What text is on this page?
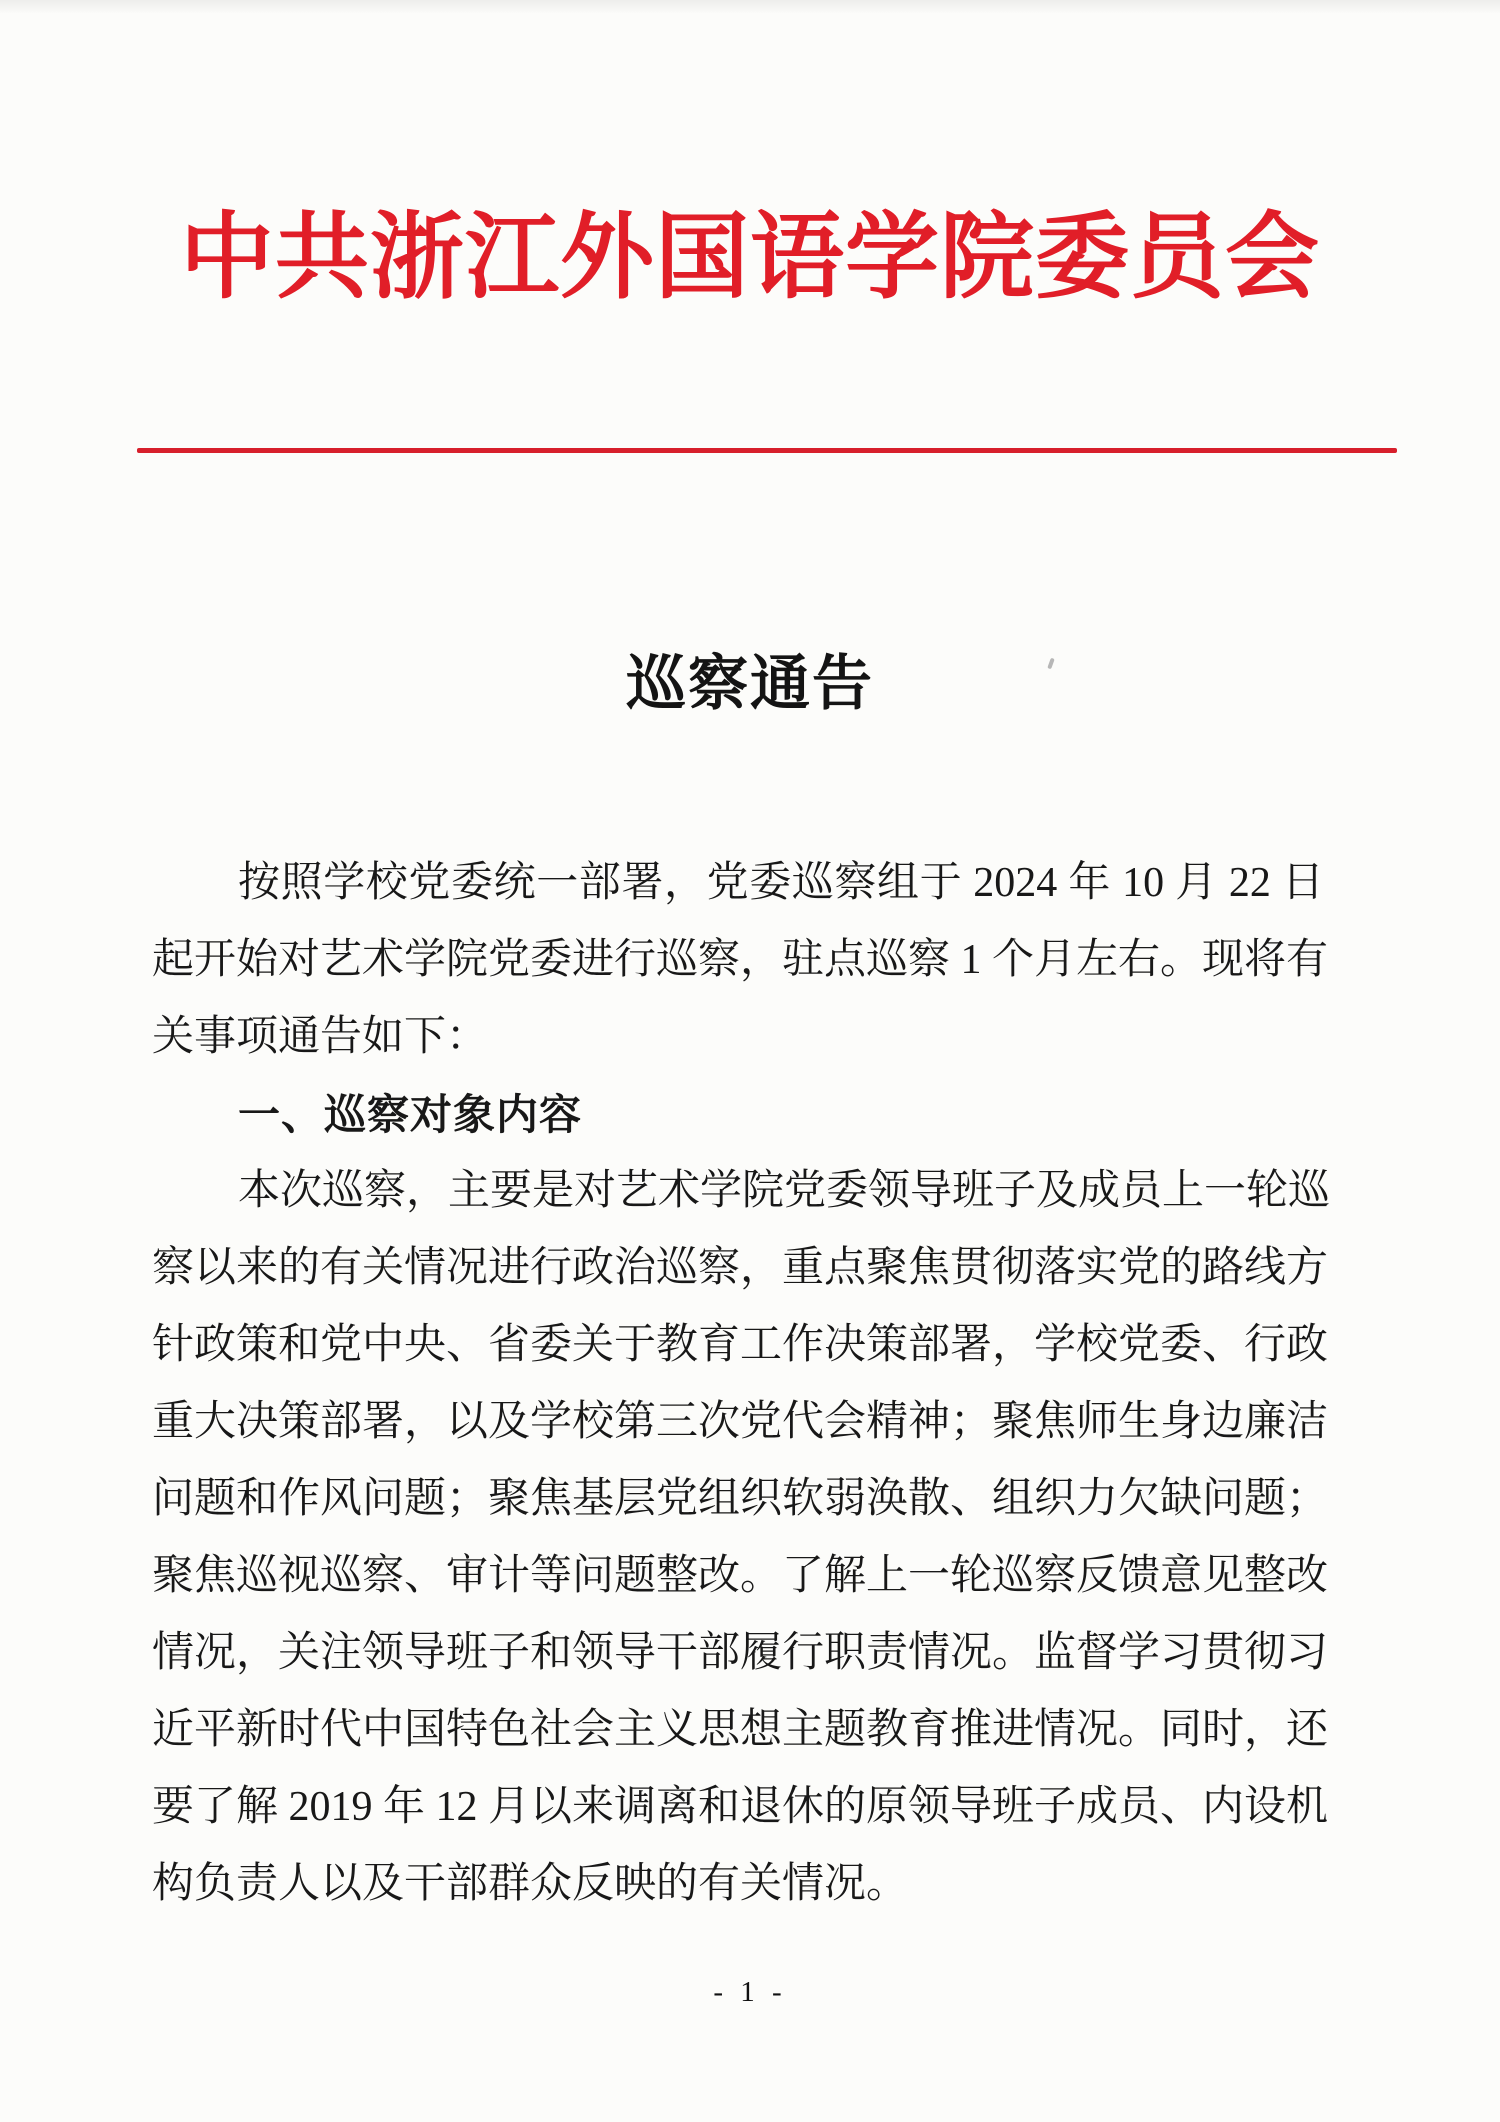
中共浙江外国语学院委员会
巡察通告
按照学校党委统一部署，党委巡察组于 2024 年 10 月 22 日
起开始对艺术学院党委进行巡察，驻点巡察 1 个月左右。现将有
关事项通告如下：
一、巡察对象内容
本次巡察，主要是对艺术学院党委领导班子及成员上一轮巡
察以来的有关情况进行政治巡察，重点聚焦贯彻落实党的路线方
针政策和党中央、省委关于教育工作决策部署，学校党委、行政
重大决策部署，以及学校第三次党代会精神；聚焦师生身边廉洁
问题和作风问题；聚焦基层党组织软弱涣散、组织力欠缺问题；
聚焦巡视巡察、审计等问题整改。了解上一轮巡察反馈意见整改
情况，关注领导班子和领导干部履行职责情况。监督学习贯彻习
近平新时代中国特色社会主义思想主题教育推进情况。同时，还
要了解 2019 年 12 月以来调离和退休的原领导班子成员、内设机
构负责人以及干部群众反映的有关情况。
- 1 -
